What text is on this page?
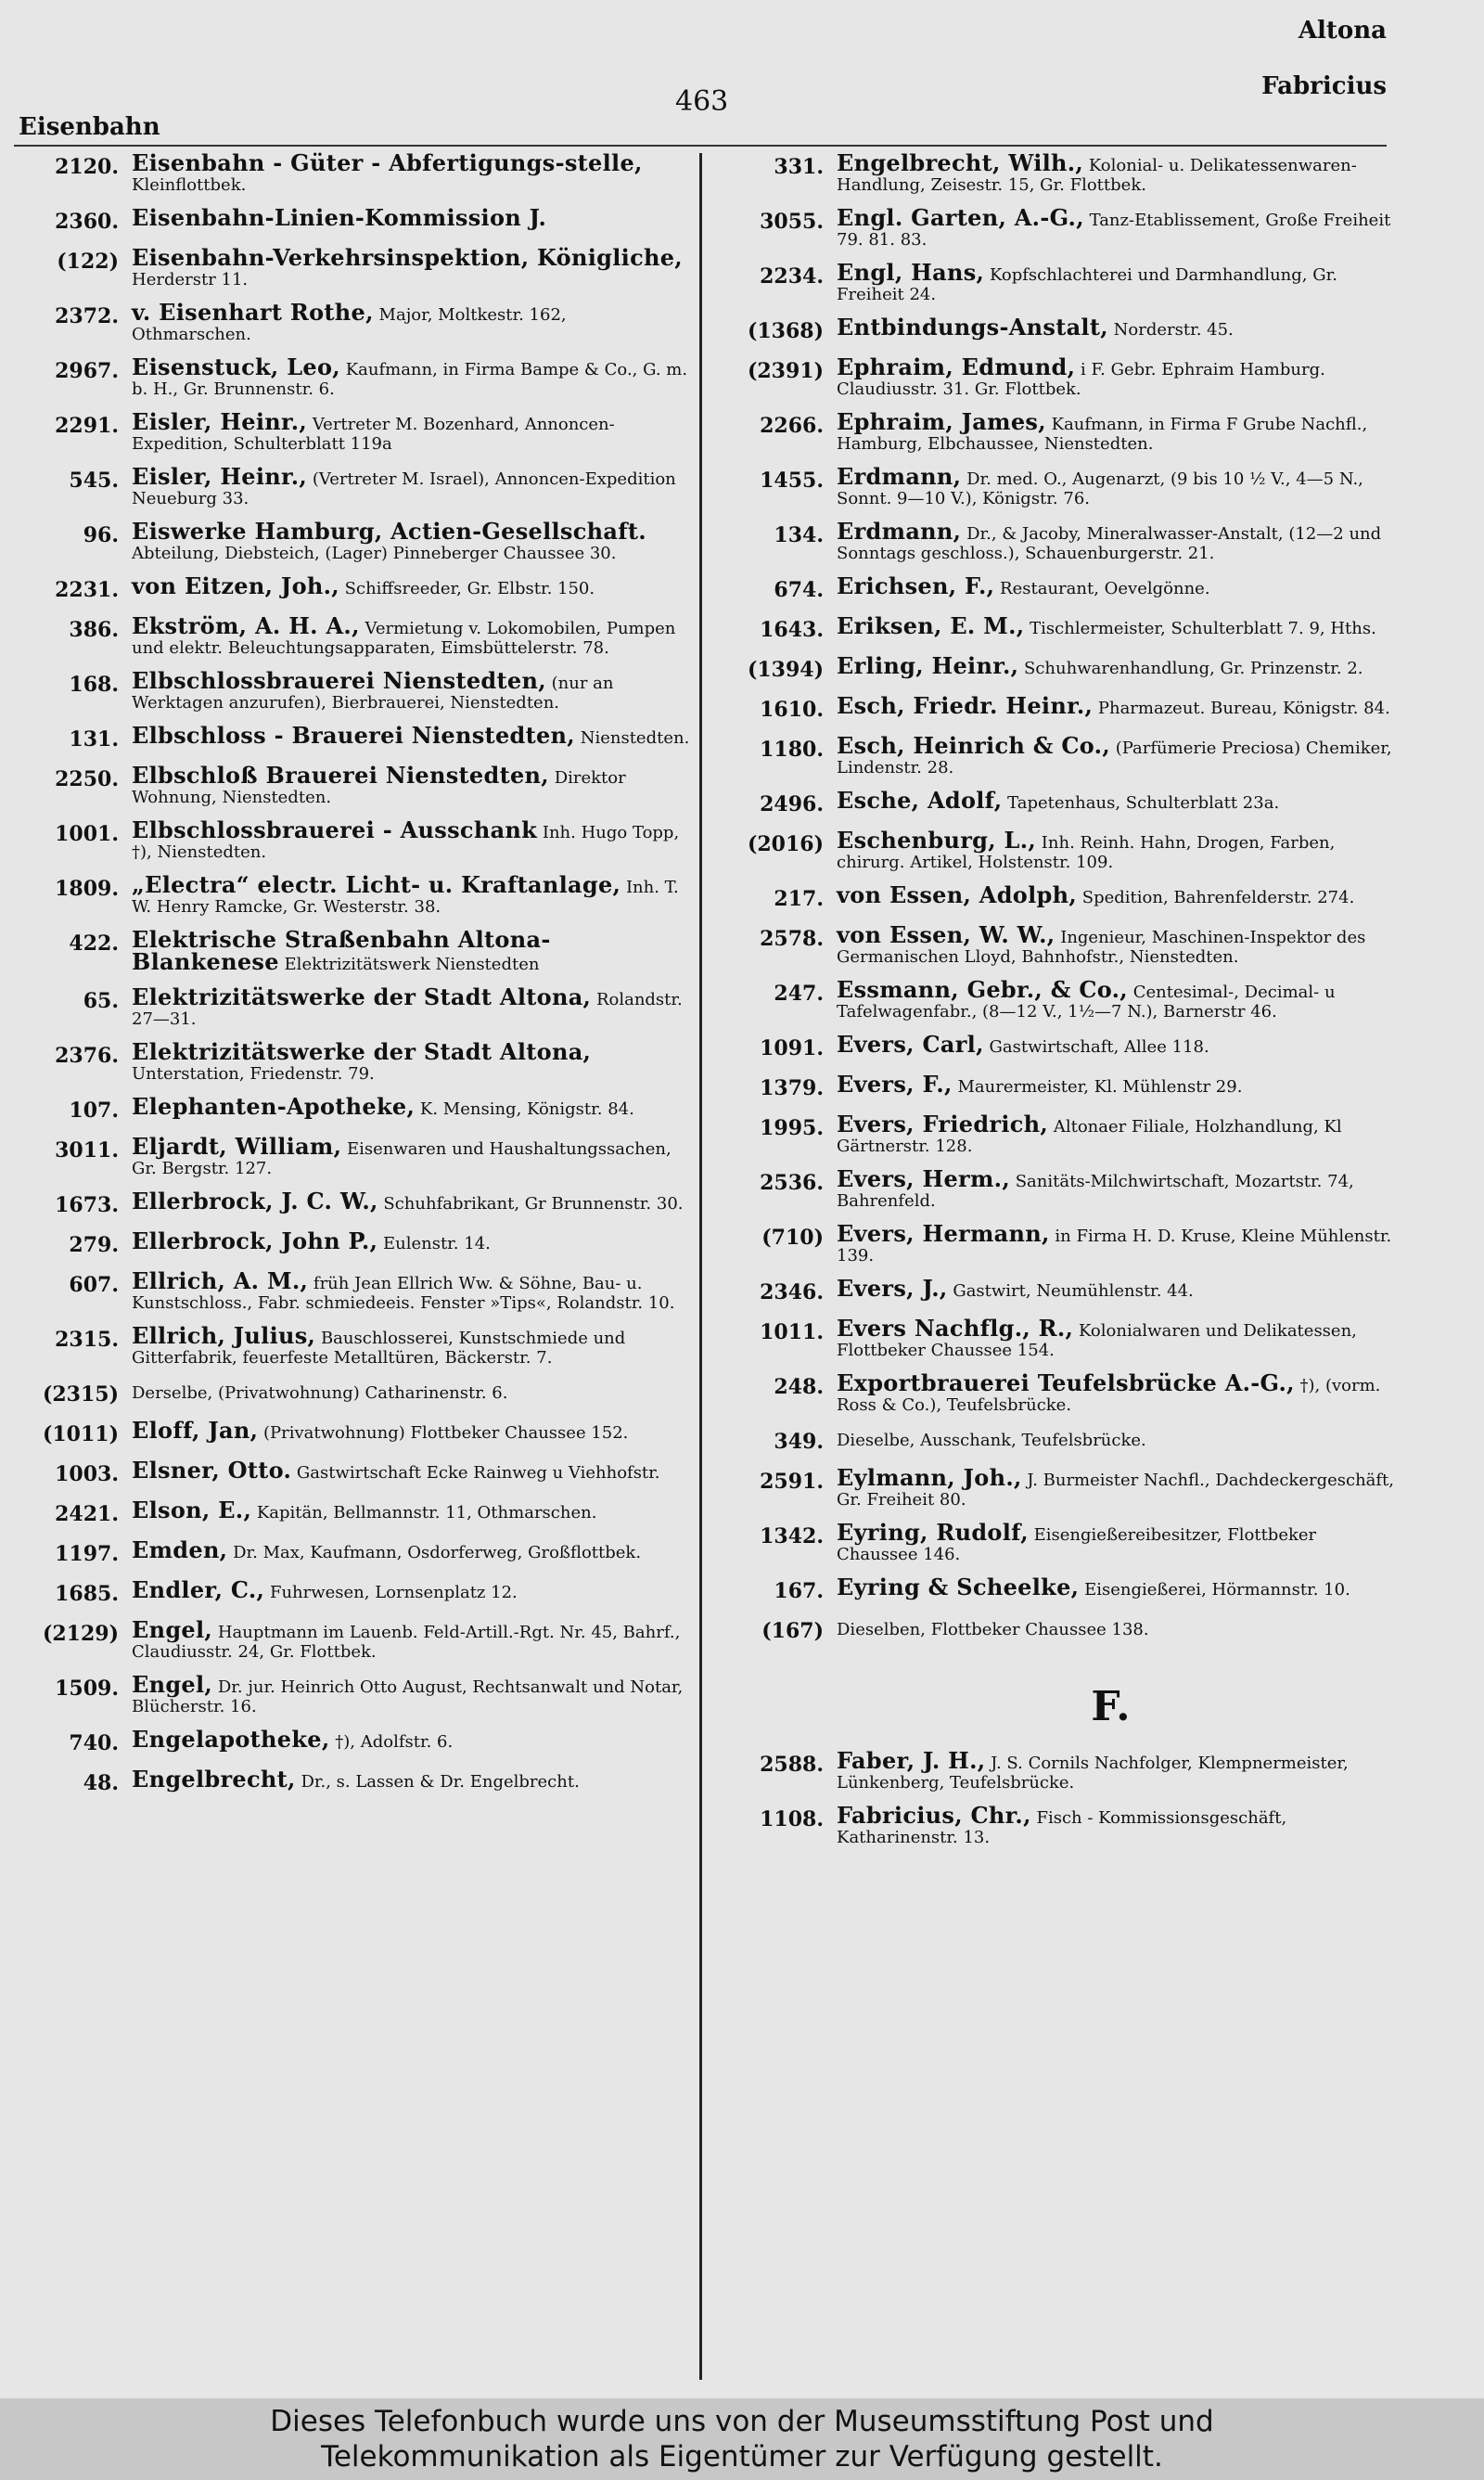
Altona
Fabricius
Eisenbahn
463
2120. Eisenbahn - Güter - Abfertigungs-stelle, Kleinflottbek.
2360. Eisenbahn-Linien-Kommission J.
(122) Eisenbahn-Verkehrsinspektion, Königliche, Herderstr 11.
2372. v. Eisenhart Rothe, Major, Moltkestr. 162, Othmarschen.
2967. Eisenstuck, Leo, Kaufmann, in Firma Bampe & Co., G. m. b. H., Gr. Brunnenstr. 6.
2291. Eisler, Heinr., Vertreter M. Bozenhard, Annoncen-Expedition, Schulterblatt 119a
545. Eisler, Heinr., (Vertreter M. Israel), Annoncen-Expedition Neueburg 33.
96. Eiswerke Hamburg, Actien-Gesellschaft. Abteilung, Diebsteich, (Lager) Pinneberger Chaussee 30.
2231. von Eitzen, Joh., Schiffsreeder, Gr. Elbstr. 150.
386. Ekström, A. H. A., Vermietung v. Lokomobilen, Pumpen und elektr. Beleuchtungsapparaten, Eimsbüttelerstr. 78.
168. Elbschlossbrauerei Nienstedten, (nur an Werktagen anzurufen), Bierbrauerei, Nienstedten.
131. Elbschloss - Brauerei Nienstedten, Nienstedten.
2250. Elbschloß Brauerei Nienstedten, Direktor Wohnung, Nienstedten.
1001. Elbschlossbrauerei - Ausschank Inh. Hugo Topp, †), Nienstedten.
1809. „Electra“ electr. Licht- u. Kraftanlage, Inh. T. W. Henry Ramcke, Gr. Westerstr. 38.
422. Elektrische Straßenbahn Altona-Blankenese Elektrizitätswerk Nienstedten
65. Elektrizitätswerke der Stadt Altona, Rolandstr. 27—31.
2376. Elektrizitätswerke der Stadt Altona, Unterstation, Friedenstr. 79.
107. Elephanten-Apotheke, K. Mensing, Königstr. 84.
3011. Eljardt, William, Eisenwaren und Haushaltungssachen, Gr. Bergstr. 127.
1673. Ellerbrock, J. C. W., Schuhfabrikant, Gr Brunnenstr. 30.
279. Ellerbrock, John P., Eulenstr. 14.
607. Ellrich, A. M., früh Jean Ellrich Ww. & Söhne, Bau- u. Kunstschloss., Fabr. schmiedeeis. Fenster »Tips«, Rolandstr. 10.
2315. Ellrich, Julius, Bauschlosserei, Kunstschmiede und Gitterfabrik, feuerfeste Metalltüren, Bäckerstr. 7.
(2315) Derselbe, (Privatwohnung) Catharinenstr. 6.
(1011) Eloff, Jan, (Privatwohnung) Flottbeker Chaussee 152.
1003. Elsner, Otto. Gastwirtschaft Ecke Rainweg u Viehhofstr.
2421. Elson, E., Kapitän, Bellmannstr. 11, Othmarschen.
1197. Emden, Dr. Max, Kaufmann, Osdorferweg, Großflottbek.
1685. Endler, C., Fuhrwesen, Lornsenplatz 12.
(2129) Engel, Hauptmann im Lauenb. Feld-Artill.-Rgt. Nr. 45, Bahrf., Claudiusstr. 24, Gr. Flottbek.
1509. Engel, Dr. jur. Heinrich Otto August, Rechtsanwalt und Notar, Blücherstr. 16.
740. Engelapotheke, †), Adolfstr. 6.
48. Engelbrecht, Dr., s. Lassen & Dr. Engelbrecht.
331. Engelbrecht, Wilh., Kolonial- u. Delikatessenwaren-Handlung, Zeisestr. 15, Gr. Flottbek.
3055. Engl. Garten, A.-G., Tanz-Etablissement, Große Freiheit 79. 81. 83.
2234. Engl, Hans, Kopfschlachterei und Darmhandlung, Gr. Freiheit 24.
(1368) Entbindungs-Anstalt, Norderstr. 45.
(2391) Ephraim, Edmund, i F. Gebr. Ephraim Hamburg. Claudiusstr. 31. Gr. Flottbek.
2266. Ephraim, James, Kaufmann, in Firma F Grube Nachfl., Hamburg, Elbchaussee, Nienstedten.
1455. Erdmann, Dr. med. O., Augenarzt, (9 bis 10 ½ V., 4—5 N., Sonnt. 9—10 V.), Königstr. 76.
134. Erdmann, Dr., & Jacoby, Mineralwasser-Anstalt, (12—2 und Sonntags geschloss.), Schauenburgerstr. 21.
674. Erichsen, F., Restaurant, Oevelgönne.
1643. Eriksen, E. M., Tischlermeister, Schulterblatt 7. 9, Hths.
(1394) Erling, Heinr., Schuhwarenhandlung, Gr. Prinzenstr. 2.
1610. Esch, Friedr. Heinr., Pharmazeut. Bureau, Königstr. 84.
1180. Esch, Heinrich & Co., (Parfümerie Preciosa) Chemiker, Lindenstr. 28.
2496. Esche, Adolf, Tapetenhaus, Schulterblatt 23a.
(2016) Eschenburg, L., Inh. Reinh. Hahn, Drogen, Farben, chirurg. Artikel, Holstenstr. 109.
217. von Essen, Adolph, Spedition, Bahrenfelderstr. 274.
2578. von Essen, W. W., Ingenieur, Maschinen-Inspektor des Germanischen Lloyd, Bahnhofstr., Nienstedten.
247. Essmann, Gebr., & Co., Centesimal-, Decimal- u Tafelwagenfabr., (8—12 V., 1½—7 N.), Barnerstr 46.
1091. Evers, Carl, Gastwirtschaft, Allee 118.
1379. Evers, F., Maurermeister, Kl. Mühlenstr 29.
1995. Evers, Friedrich, Altonaer Filiale, Holzhandlung, Kl Gärtnerstr. 128.
2536. Evers, Herm., Sanitäts-Milchwirtschaft, Mozartstr. 74, Bahrenfeld.
(710) Evers, Hermann, in Firma H. D. Kruse, Kleine Mühlenstr. 139.
2346. Evers, J., Gastwirt, Neumühlenstr. 44.
1011. Evers Nachflg., R., Kolonialwaren und Delikatessen, Flottbeker Chaussee 154.
248. Exportbrauerei Teufelsbrücke A.-G., †), (vorm. Ross & Co.), Teufelsbrücke.
349. Dieselbe, Ausschank, Teufelsbrücke.
2591. Eylmann, Joh., J. Burmeister Nachfl., Dachdeckergeschäft, Gr. Freiheit 80.
1342. Eyring, Rudolf, Eisengießereibesitzer, Flottbeker Chaussee 146.
167. Eyring & Scheelke, Eisengießerei, Hörmannstr. 10.
(167) Dieselben, Flottbeker Chaussee 138.
F.
2588. Faber, J. H., J. S. Cornils Nachfolger, Klempnermeister, Lünkenberg, Teufelsbrücke.
1108. Fabricius, Chr., Fisch - Kommissionsgeschäft, Katharinenstr. 13.
Dieses Telefonbuch wurde uns von der Museumsstiftung Post und
Telekommunikation als Eigentümer zur Verfügung gestellt.
